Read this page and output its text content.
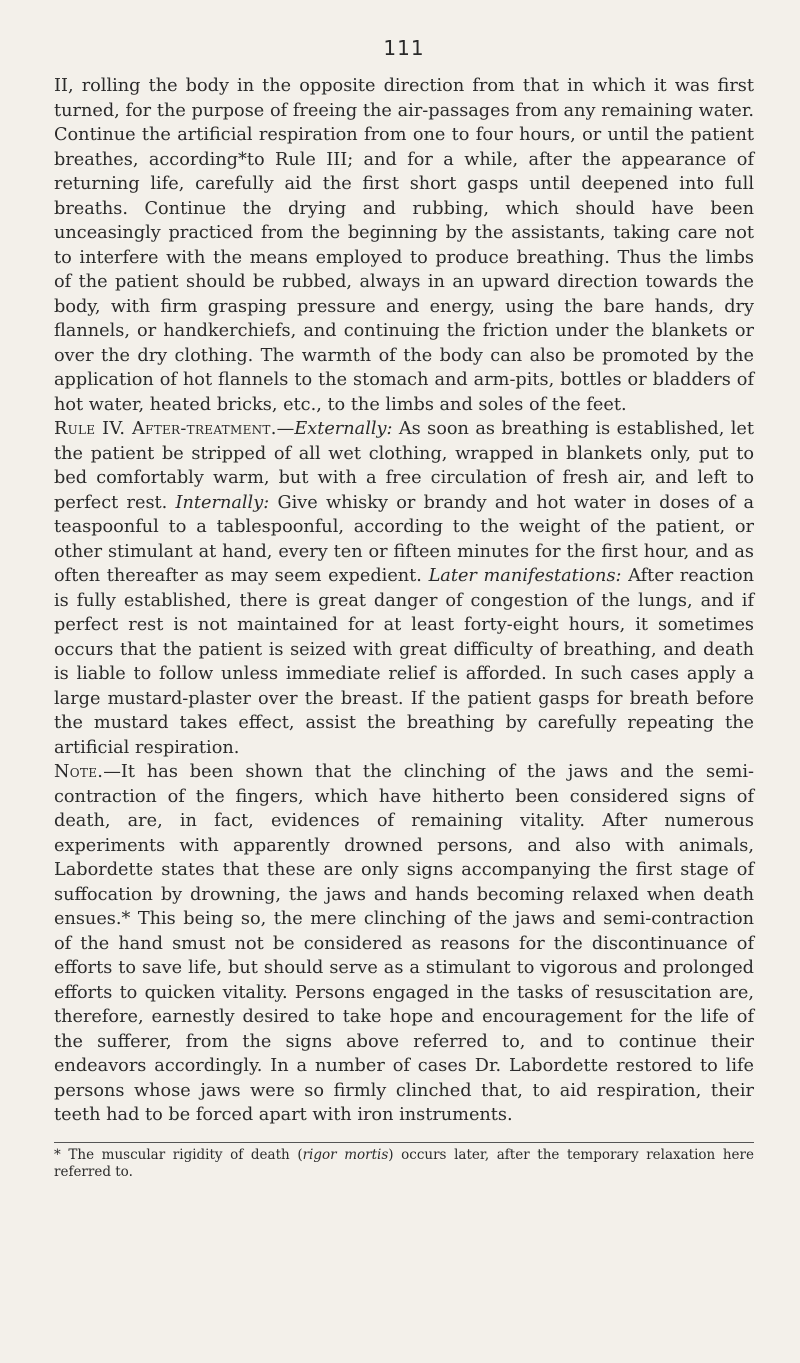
111

II, rolling the body in the opposite direction from that in which it was first turned, for the purpose of freeing the air-passages from any remaining water. Continue the artificial respiration from one to four hours, or until the patient breathes, according*to Rule III; and for a while, after the appearance of returning life, carefully aid the first short gasps until deepened into full breaths. Continue the drying and rubbing, which should have been unceasingly practiced from the beginning by the assistants, taking care not to interfere with the means employed to produce breathing. Thus the limbs of the patient should be rubbed, always in an upward direction towards the body, with firm grasping pressure and energy, using the bare hands, dry flannels, or handkerchiefs, and continuing the friction under the blankets or over the dry clothing. The warmth of the body can also be promoted by the application of hot flannels to the stomach and arm-pits, bottles or bladders of hot water, heated bricks, etc., to the limbs and soles of the feet.

Rule IV. After-treatment.—Externally: As soon as breathing is established, let the patient be stripped of all wet clothing, wrapped in blankets only, put to bed comfortably warm, but with a free circulation of fresh air, and left to perfect rest. Internally: Give whisky or brandy and hot water in doses of a teaspoonful to a tablespoonful, according to the weight of the patient, or other stimulant at hand, every ten or fifteen minutes for the first hour, and as often thereafter as may seem expedient. Later manifestations: After reaction is fully established, there is great danger of congestion of the lungs, and if perfect rest is not maintained for at least forty-eight hours, it sometimes occurs that the patient is seized with great difficulty of breathing, and death is liable to follow unless immediate relief is afforded. In such cases apply a large mustard-plaster over the breast. If the patient gasps for breath before the mustard takes effect, assist the breathing by carefully repeating the artificial respiration.

Note.—It has been shown that the clinching of the jaws and the semi-contraction of the fingers, which have hitherto been considered signs of death, are, in fact, evidences of remaining vitality. After numerous experiments with apparently drowned persons, and also with animals, Labordette states that these are only signs accompanying the first stage of suffocation by drowning, the jaws and hands becoming relaxed when death ensues.* This being so, the mere clinching of the jaws and semi-contraction of the hand smust not be considered as reasons for the discontinuance of efforts to save life, but should serve as a stimulant to vigorous and prolonged efforts to quicken vitality. Persons engaged in the tasks of resuscitation are, therefore, earnestly desired to take hope and encouragement for the life of the sufferer, from the signs above referred to, and to continue their endeavors accordingly. In a number of cases Dr. Labordette restored to life persons whose jaws were so firmly clinched that, to aid respiration, their teeth had to be forced apart with iron instruments.

* The muscular rigidity of death (rigor mortis) occurs later, after the temporary relaxation here referred to.
